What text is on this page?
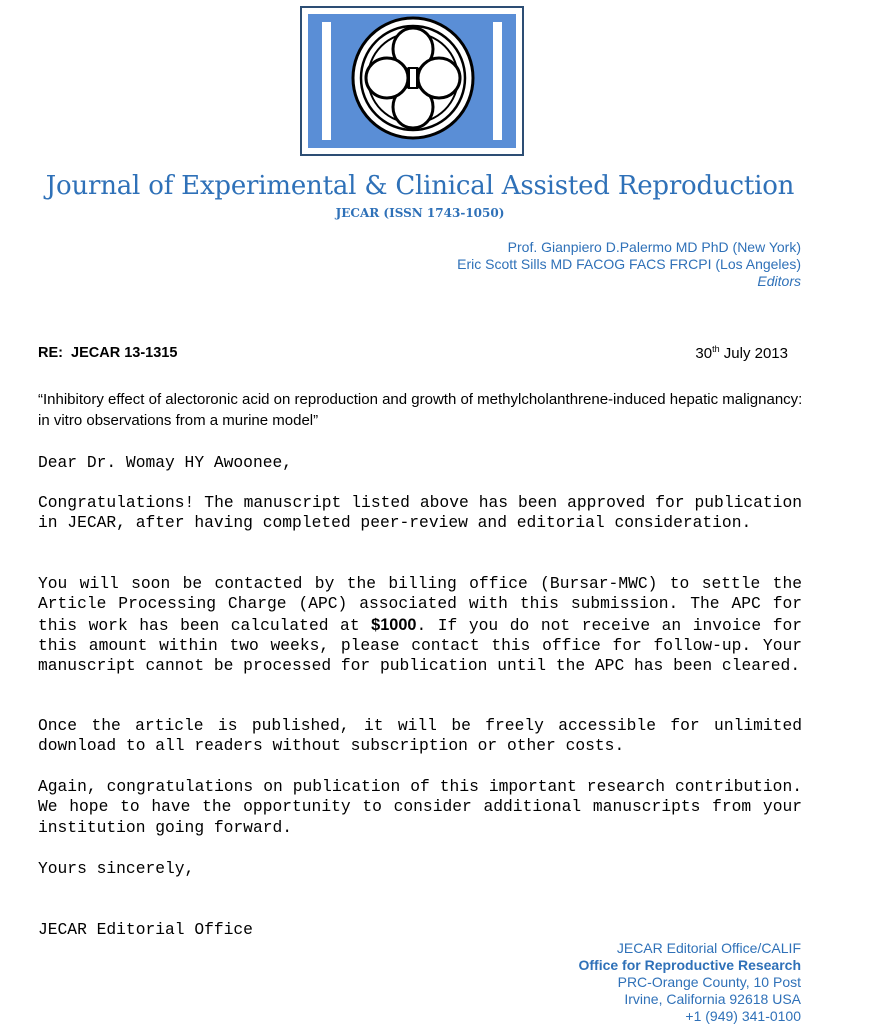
Journal of Experimental & Clinical Assisted Reproduction
JECAR (ISSN 1743-1050)
Prof. Gianpiero D.Palermo MD PhD (New York)
Eric Scott Sills MD FACOG FACS FRCPI (Los Angeles)
Editors
RE:  JECAR 13-1315	30th July 2013
“Inhibitory effect of alectoronic acid on reproduction and growth of methylcholanthrene-induced hepatic malignancy: in vitro observations from a murine model”
Dear Dr. Womay HY Awoonee,

Congratulations! The manuscript listed above has been approved for publication in JECAR, after having completed peer-review and editorial consideration.

You will soon be contacted by the billing office (Bursar-MWC) to settle the Article Processing Charge (APC) associated with this submission. The APC for this work has been calculated at $1000. If you do not receive an invoice for this amount within two weeks, please contact this office for follow-up. Your manuscript cannot be processed for publication until the APC has been cleared.

Once the article is published, it will be freely accessible for unlimited download to all readers without subscription or other costs.

Again, congratulations on publication of this important research contribution. We hope to have the opportunity to consider additional manuscripts from your institution going forward.

Yours sincerely,
JECAR Editorial Office
JECAR Editorial Office/CALIF
Office for Reproductive Research
PRC-Orange County, 10 Post
Irvine, California 92618 USA
+1 (949) 341-0100
